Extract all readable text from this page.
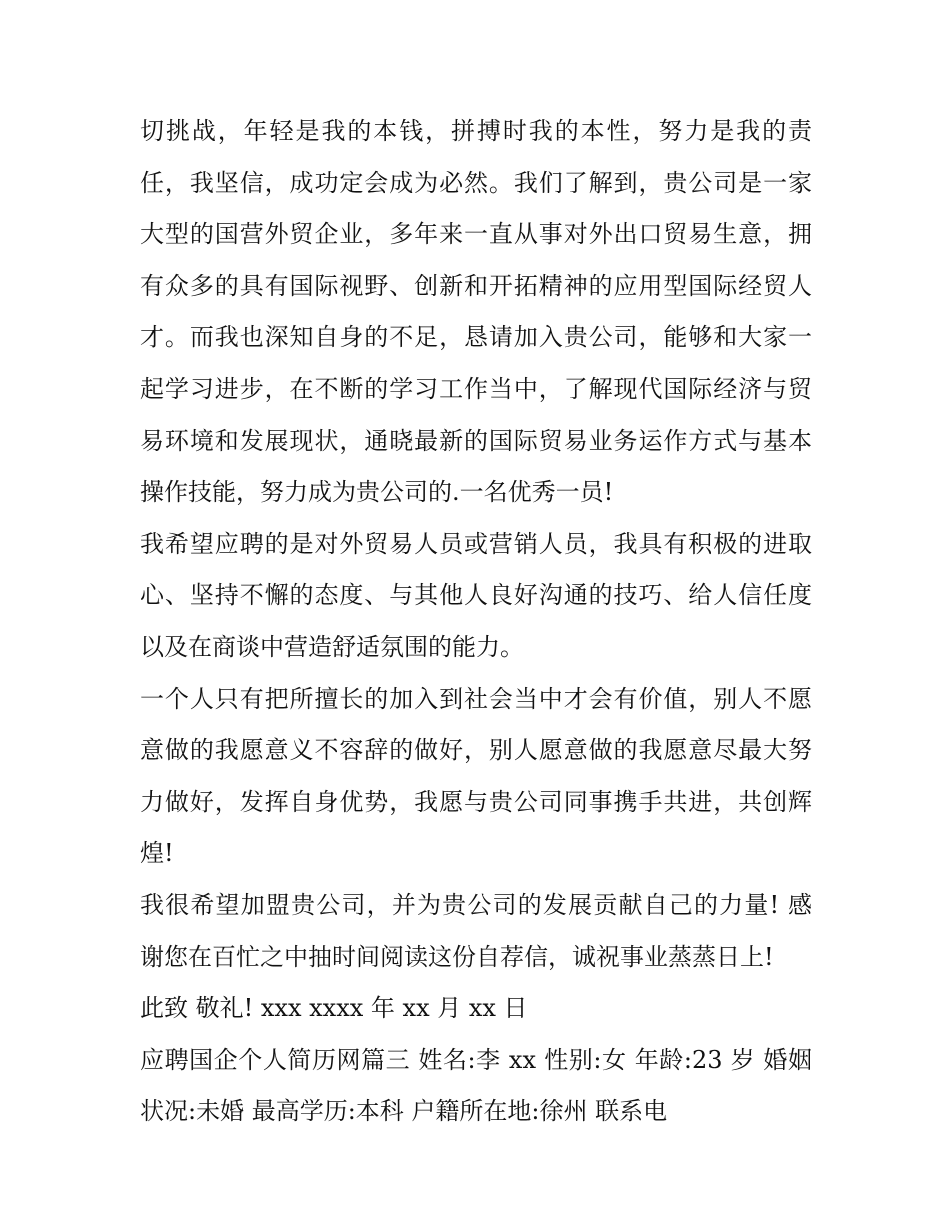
切挑战，年轻是我的本钱，拼搏时我的本性，努力是我的责
任，我坚信，成功定会成为必然。我们了解到，贵公司是一家
大型的国营外贸企业，多年来一直从事对外出口贸易生意，拥
有众多的具有国际视野、创新和开拓精神的应用型国际经贸人
才。而我也深知自身的不足，恳请加入贵公司，能够和大家一
起学习进步，在不断的学习工作当中，了解现代国际经济与贸
易环境和发展现状，通晓最新的国际贸易业务运作方式与基本
操作技能，努力成为贵公司的.一名优秀一员!
我希望应聘的是对外贸易人员或营销人员，我具有积极的进取
心、坚持不懈的态度、与其他人良好沟通的技巧、给人信任度
以及在商谈中营造舒适氛围的能力。
一个人只有把所擅长的加入到社会当中才会有价值，别人不愿
意做的我愿意义不容辞的做好，别人愿意做的我愿意尽最大努
力做好，发挥自身优势，我愿与贵公司同事携手共进，共创辉
煌!
我很希望加盟贵公司，并为贵公司的发展贡献自己的力量! 感
谢您在百忙之中抽时间阅读这份自荐信，诚祝事业蒸蒸日上!
此致 敬礼! xxx xxxx 年 xx 月 xx 日
应聘国企个人简历网篇三 姓名:李 xx 性别:女 年龄:23 岁 婚姻
状况:未婚 最高学历:本科 户籍所在地:徐州 联系电
